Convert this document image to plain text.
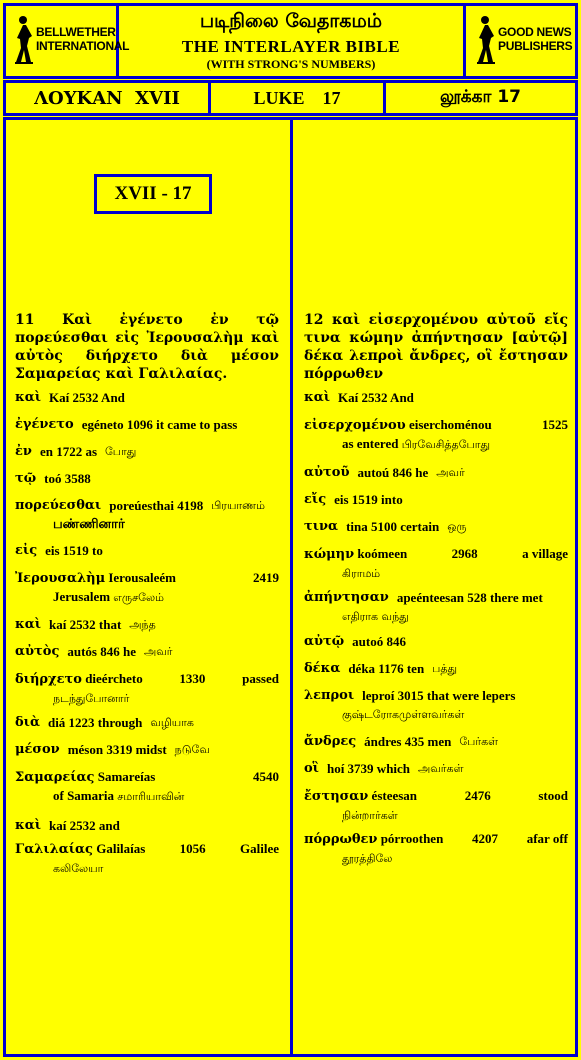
படிநிலை வேதாகமம்
THE INTERLAYER BIBLE
(WITH STRONG'S NUMBERS)
BELLWETHER
INTERNATIONAL
GOOD NEWS
PUBLISHERS
ΛΟΥΚΑΝ  XVII	LUKE    17	லூக்கா 17
XVII - 17
11 Καὶ ἐγένετο ἐν τῷ πορεύεσθαι εἰς Ἰερουσαλὴμ καὶ αὐτὸς διήρχετο διὰ μέσον Σαμαρείας καὶ Γαλιλαίας.
12 καὶ εἰσερχομένου αὐτοῦ εἴς τινα κώμην ἀπήντησαν [αὐτῷ] δέκα λεπροὶ ἄνδρες, οἳ ἔστησαν πόρρωθεν
καὶ Kaí 2532 And
ἐγένετο egéneto 1096 it came to pass
ἐν en 1722 as போது
τῷ toó 3588
πορεύεσθαι poreúesthai 4198 பிரயாணம்
பண்ணினார்
εἰς eis 1519 to
Ἰερουσαλὴμ Ierousaleém	2419
Jerusalem எருசலேம்
καὶ kaí 2532 that அந்த
αὐτὸς autós 846 he அவர்
διήρχετο dieércheto	1330	passed
நடந்துபோனார்
διὰ diá 1223 through வழியாக
μέσον méson 3319 midst நடுவே
Σαμαρείας Samareías	4540
of Samaria சமாரியாவின்
καὶ kaí 2532 and
Γαλιλαίας Galilaías	1056	Galilee
கலிலேயா
καὶ Kaí 2532 And
εἰσερχομένου eiserchoménou	1525
as entered பிரவேசித்தபோது
αὐτοῦ autoú 846 he அவர்
εἴς eis 1519 into
τινα tina 5100 certain ஒரு
κώμην koómeen	2968	a village
கிராமம்
ἀπήντησαν apeénteesan 528 there met
எதிராக வந்து
αὐτῷ autoó 846
δέκα déka 1176 ten பத்து
λεπροι leproí 3015 that were lepers
குஷ்டரோகமுள்ளவர்கள்
ἄνδρες ándres 435 men பேர்கள்
οἳ hoí 3739 which அவர்கள்
ἔστησαν ésteesan	2476	stood
நின்றார்கள்
πόρρωθεν pórroothen 4207 afar off
தூரத்திலே
